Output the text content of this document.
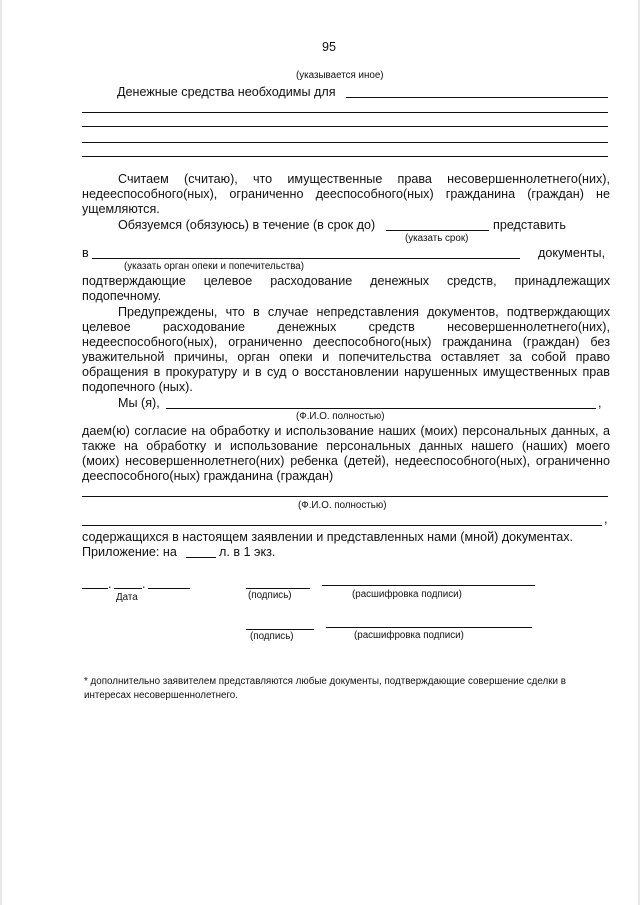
95
(указывается иное)
Денежные средства необходимы для
Считаем (считаю), что имущественные права несовершеннолетнего(них),
недееспособного(ных), ограниченно дееспособного(ных) гражданина (граждан) не
ущемляются.
Обязуемся (обязуюсь) в течение (в срок до)	представить
(указать срок)
в	документы,
(указать орган опеки и попечительства)
подтверждающие целевое расходование денежных средств, принадлежащих
подопечному.
Предупреждены, что в случае непредставления документов, подтверждающих
целевое расходование денежных средств несовершеннолетнего(них),
недееспособного(ных), ограниченно дееспособного(ных) гражданина (граждан) без
уважительной причины, орган опеки и попечительства оставляет за собой право
обращения в прокуратуру и в суд о восстановлении нарушенных имущественных прав
подопечного (ных).
Мы (я),	,
(Ф.И.О. полностью)
даем(ю) согласие на обработку и использование наших (моих) персональных данных, а
также на обработку и использование персональных данных нашего (наших) моего
(моих) несовершеннолетнего(них) ребенка (детей), недееспособного(ных), ограниченно
дееспособного(ных) гражданина (граждан)
(Ф.И.О. полностью)
,
содержащихся в настоящем заявлении и представленных нами (мной) документах.
Приложение: на	л. в 1 экз.
. .
Дата	(подпись)	(расшифровка подписи)
(подпись)	(расшифровка подписи)
* дополнительно заявителем представляются любые документы, подтверждающие совершение сделки в
интересах несовершеннолетнего.
